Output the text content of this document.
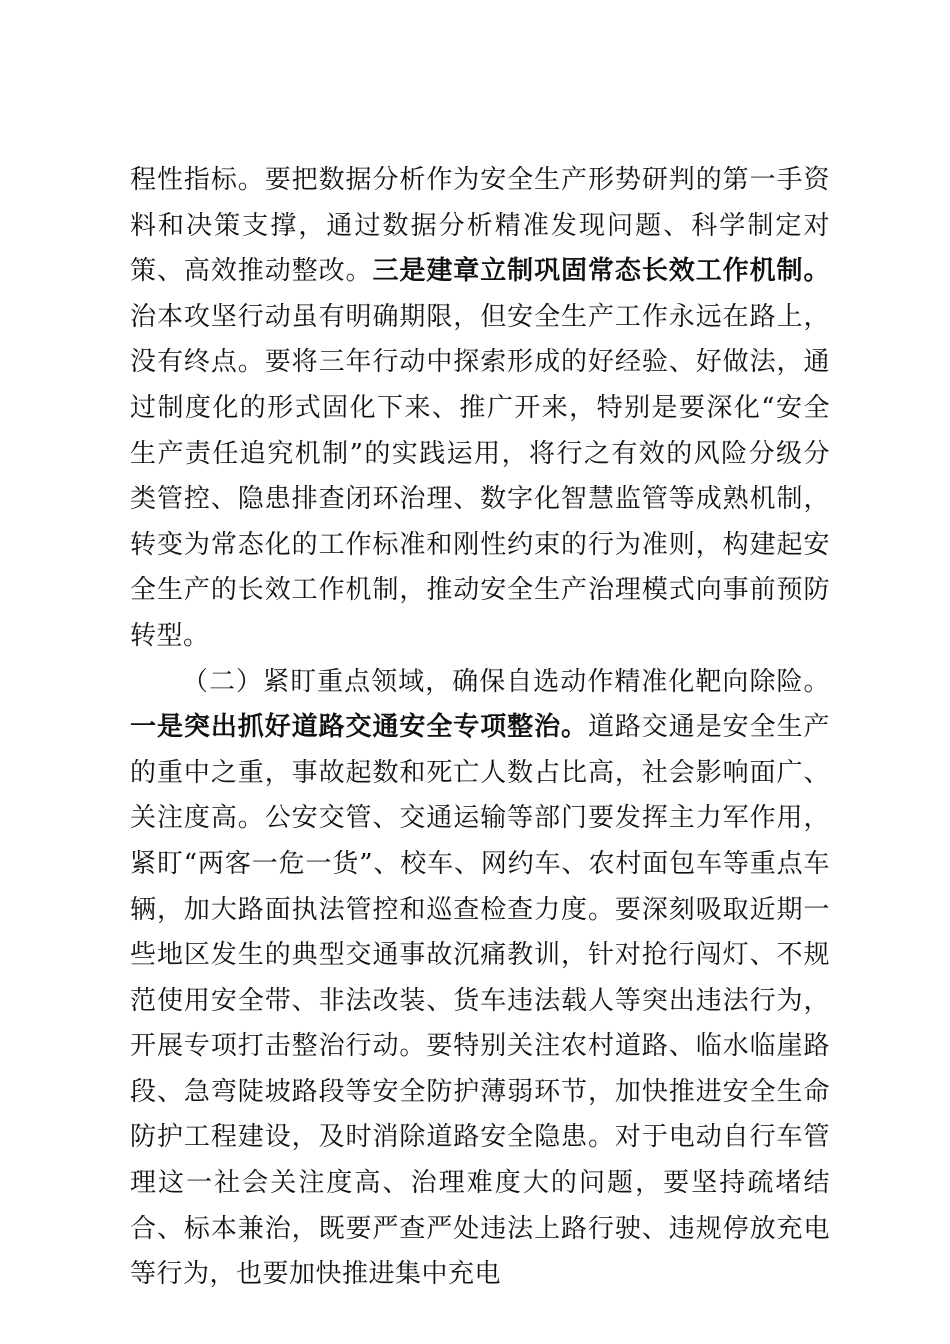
程性指标。要把数据分析作为安全生产形势研判的第一手资料和决策支撑，通过数据分析精准发现问题、科学制定对策、高效推动整改。三是建章立制巩固常态长效工作机制。治本攻坚行动虽有明确期限，但安全生产工作永远在路上，没有终点。要将三年行动中探索形成的好经验、好做法，通过制度化的形式固化下来、推广开来，特别是要深化“安全生产责任追究机制”的实践运用，将行之有效的风险分级分类管控、隐患排查闭环治理、数字化智慧监管等成熟机制，转变为常态化的工作标准和刚性约束的行为准则，构建起安全生产的长效工作机制，推动安全生产治理模式向事前预防转型。

（二）紧盯重点领域，确保自选动作精准化靶向除险。一是突出抓好道路交通安全专项整治。道路交通是安全生产的重中之重，事故起数和死亡人数占比高，社会影响面广、关注度高。公安交管、交通运输等部门要发挥主力军作用，紧盯“两客一危一货”、校车、网约车、农村面包车等重点车辆，加大路面执法管控和巡查检查力度。要深刻吸取近期一些地区发生的典型交通事故沉痛教训，针对抢行闯灯、不规范使用安全带、非法改装、货车违法载人等突出违法行为，开展专项打击整治行动。要特别关注农村道路、临水临崖路段、急弯陡坡路段等安全防护薄弱环节，加快推进安全生命防护工程建设，及时消除道路安全隐患。对于电动自行车管理这一社会关注度高、治理难度大的问题，要坚持疏堵结合、标本兼治，既要严查严处违法上路行驶、违规停放充电等行为，也要加快推进集中充电
